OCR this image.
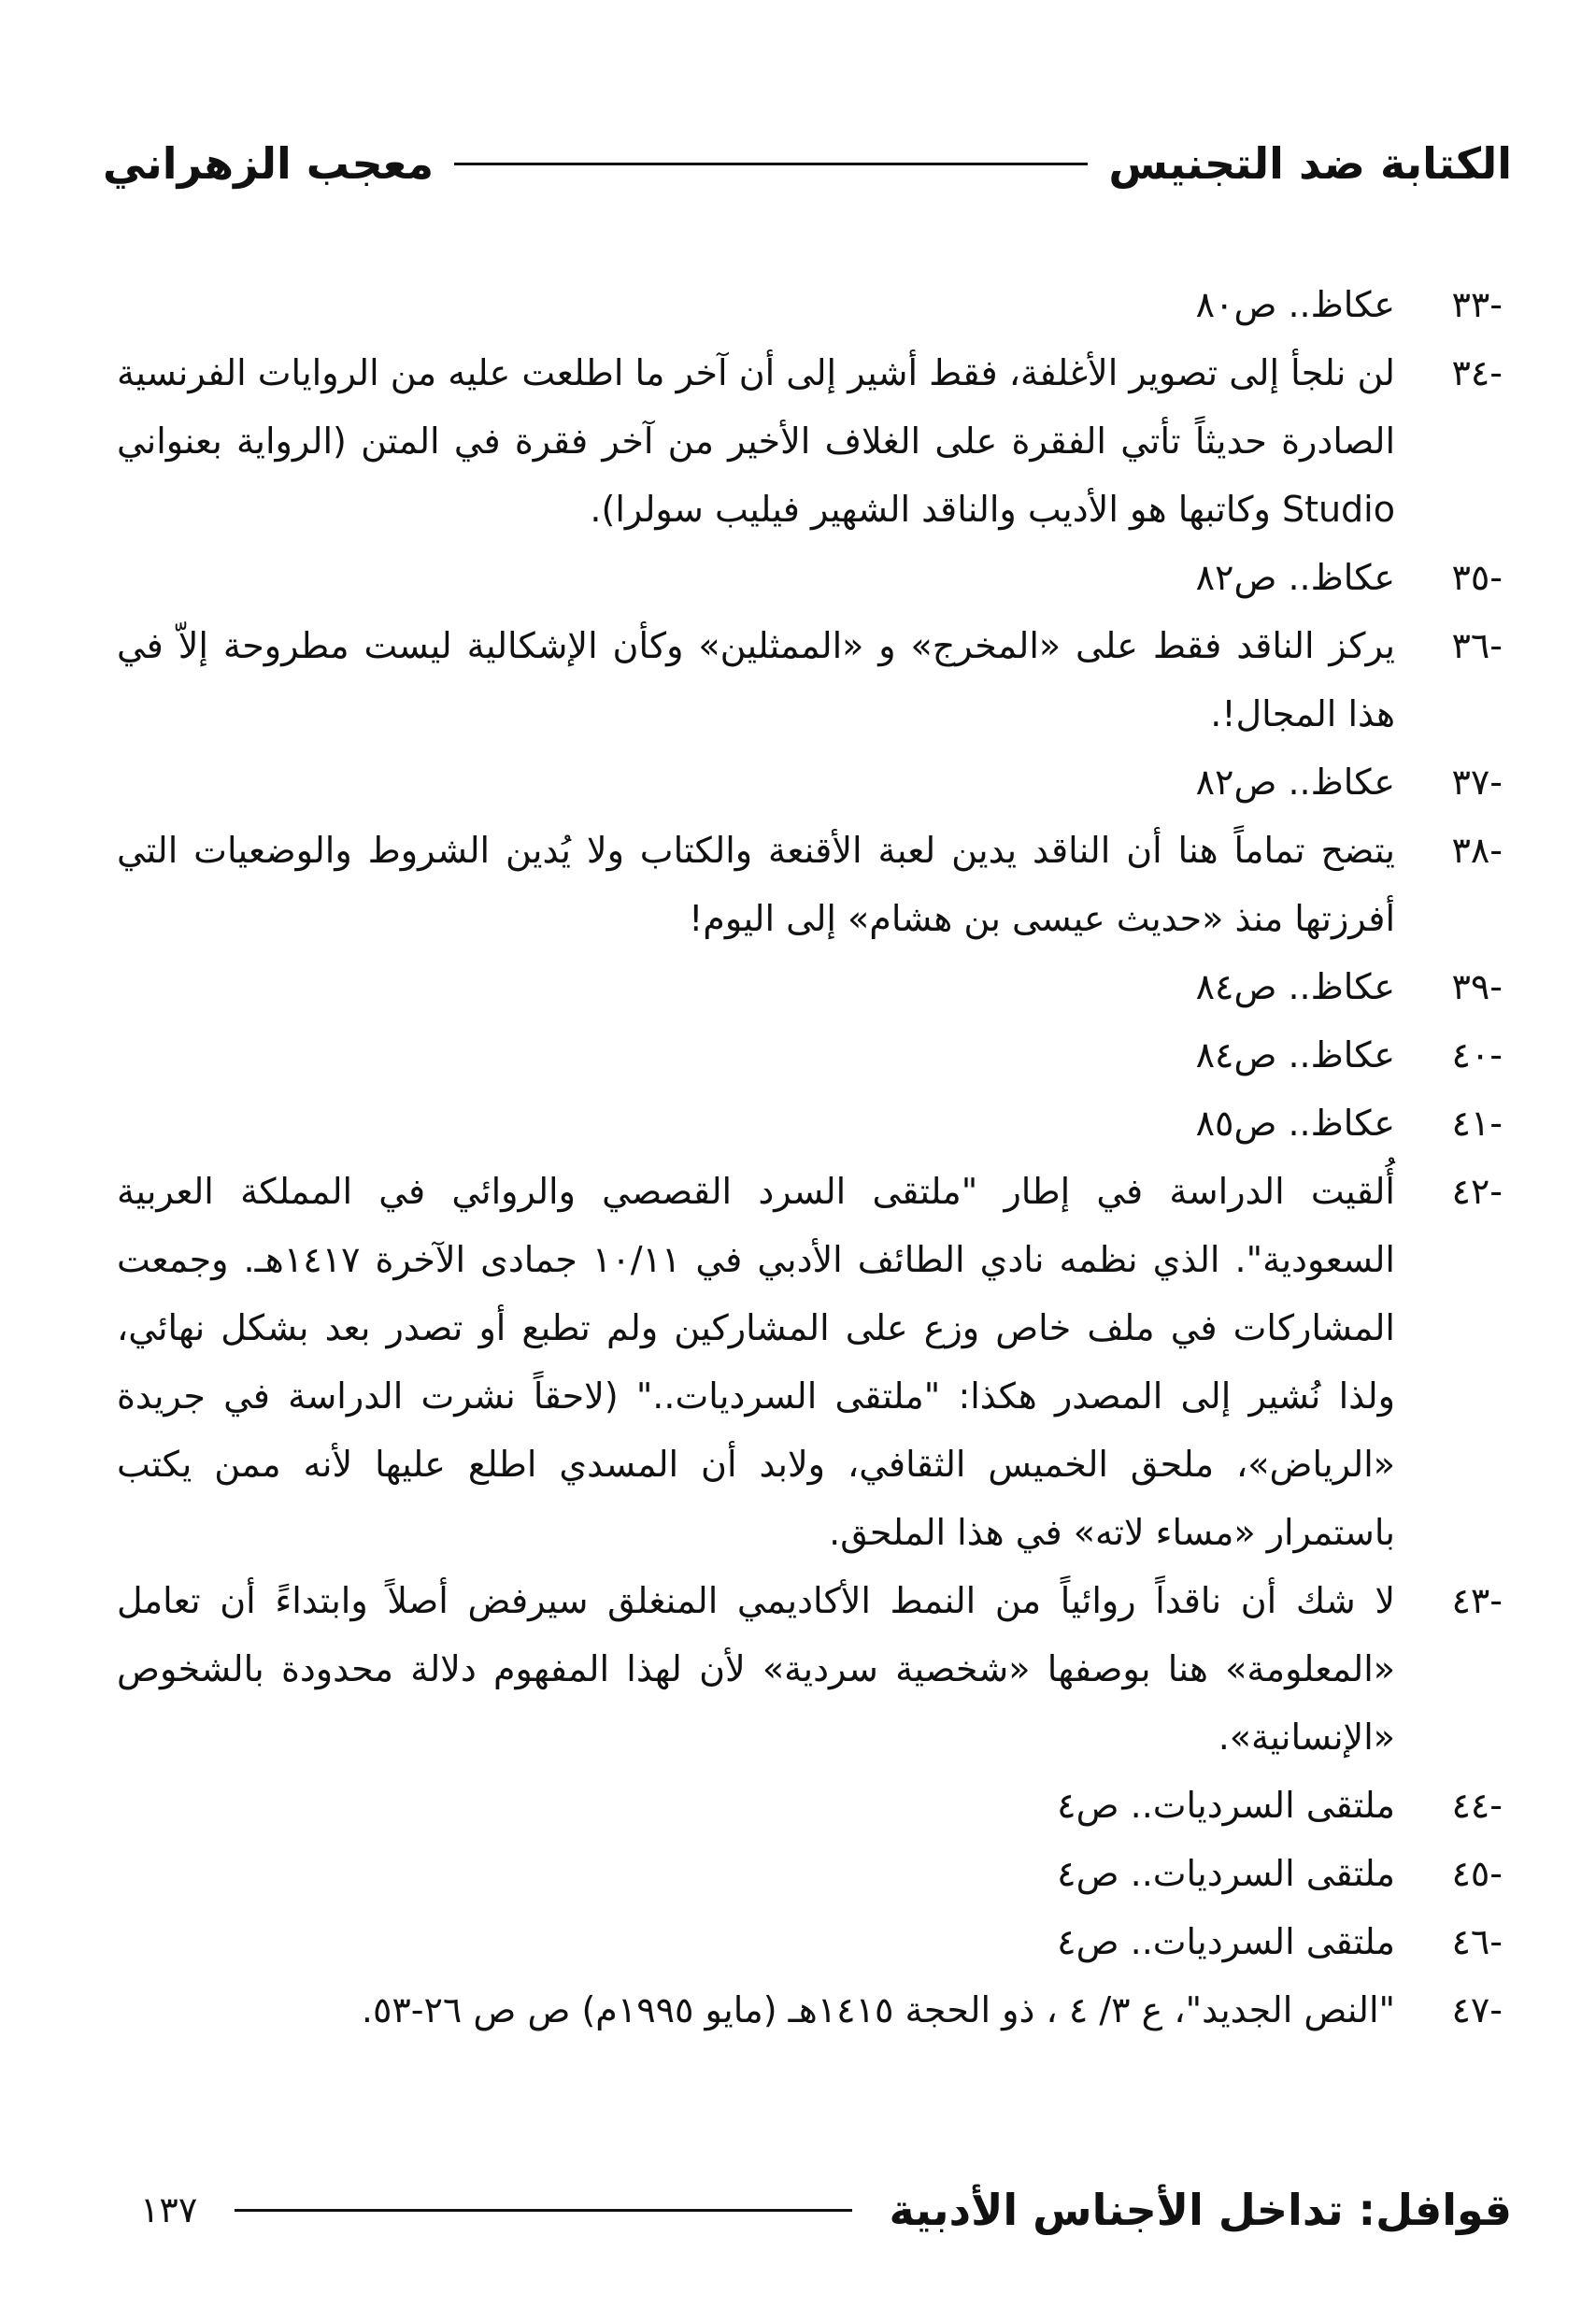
الكتابة ضد التجنيس
معجب الزهراني
-٣٣
عكاظ.. ص٨٠
-٣٤
لن نلجأ إلى تصوير الأغلفة، فقط أشير إلى أن آخر ما اطلعت عليه من الروايات الفرنسية الصادرة حديثاً تأتي الفقرة على الغلاف الأخير من آخر فقرة في المتن (الرواية بعنواني Studio وكاتبها هو الأديب والناقد الشهير فيليب سولرا).
-٣٥
عكاظ.. ص٨٢
-٣٦
يركز الناقد فقط على «المخرج» و «الممثلين» وكأن الإشكالية ليست مطروحة إلاّ في هذا المجال!.
-٣٧
عكاظ.. ص٨٢
-٣٨
يتضح تماماً هنا أن الناقد يدين لعبة الأقنعة والكتاب ولا يُدين الشروط والوضعيات التي أفرزتها منذ «حديث عيسى بن هشام» إلى اليوم!
-٣٩
عكاظ.. ص٨٤
-٤٠
عكاظ.. ص٨٤
-٤١
عكاظ.. ص٨٥
-٤٢
أُلقيت الدراسة في إطار "ملتقى السرد القصصي والروائي في المملكة العربية السعودية". الذي نظمه نادي الطائف الأدبي في ١٠/١١ جمادى الآخرة ١٤١٧هـ. وجمعت المشاركات في ملف خاص وزع على المشاركين ولم تطبع أو تصدر بعد بشكل نهائي، ولذا نُشير إلى المصدر هكذا: "ملتقى السرديات.." (لاحقاً نشرت الدراسة في جريدة «الرياض»، ملحق الخميس الثقافي، ولابد أن المسدي اطلع عليها لأنه ممن يكتب باستمرار «مساء لاته» في هذا الملحق.
-٤٣
لا شك أن ناقداً روائياً من النمط الأكاديمي المنغلق سيرفض أصلاً وابتداءً أن تعامل «المعلومة» هنا بوصفها «شخصية سردية» لأن لهذا المفهوم دلالة محدودة بالشخوص «الإنسانية».
-٤٤
ملتقى السرديات.. ص٤
-٤٥
ملتقى السرديات.. ص٤
-٤٦
ملتقى السرديات.. ص٤
-٤٧
"النص الجديد"، ع ٣/ ٤ ، ذو الحجة ١٤١٥هـ (مايو ١٩٩٥م) ص ص ٢٦-٥٣.
قوافل: تداخل الأجناس الأدبية
١٣٧
